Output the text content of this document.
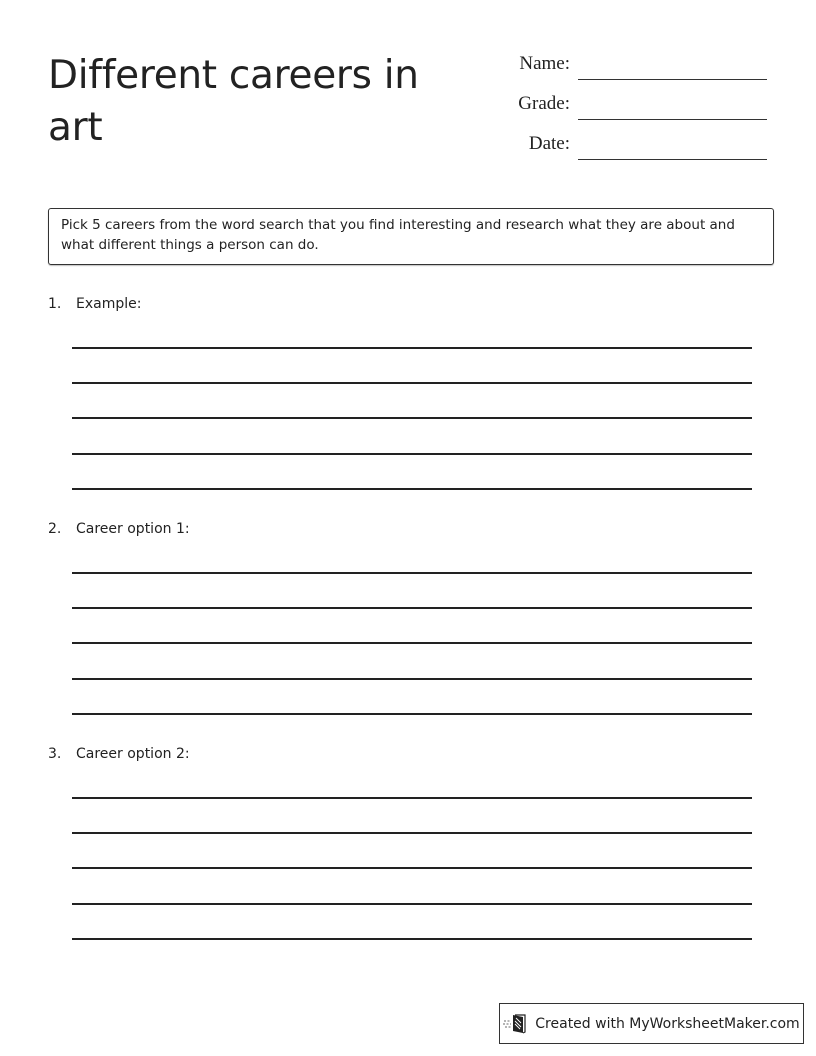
Different careers in art
Name:
Grade:
Date:
Pick 5 careers from the word search that you find interesting and research what they are about and what different things a person can do.
1. Example:
2. Career option 1:
3. Career option 2:
Created with MyWorksheetMaker.com
